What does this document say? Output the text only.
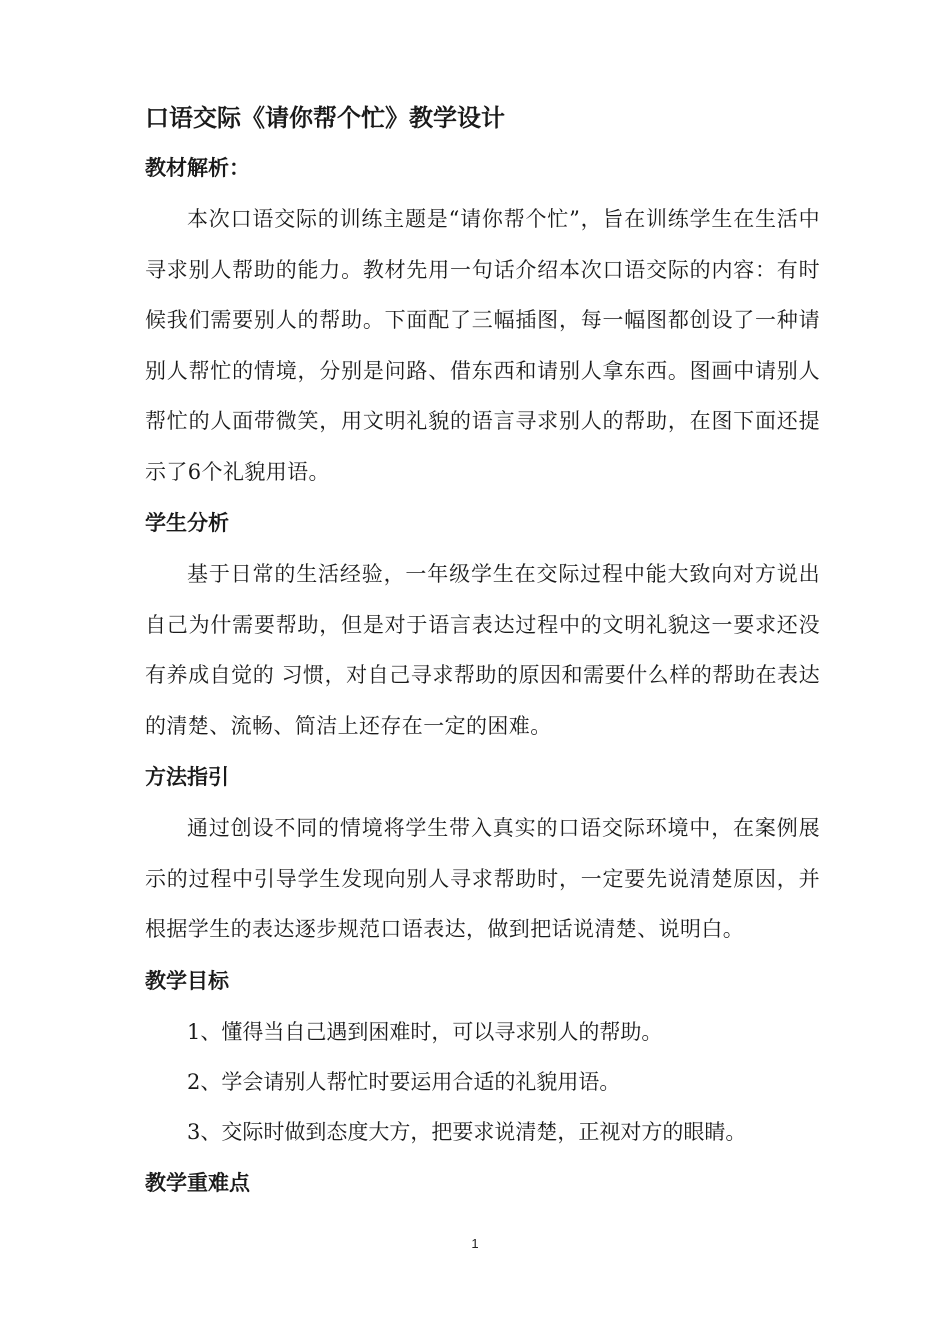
口语交际《请你帮个忙》教学设计
教材解析：

本次口语交际的训练主题是“请你帮个忙”，旨在训练学生在生活中寻求别人帮助的能力。教材先用一句话介绍本次口语交际的内容：有时候我们需要别人的帮助。下面配了三幅插图，每一幅图都创设了一种请别人帮忙的情境，分别是问路、借东西和请别人拿东西。图画中请别人帮忙的人面带微笑，用文明礼貌的语言寻求别人的帮助，在图下面还提示了6个礼貌用语。

学生分析

基于日常的生活经验，一年级学生在交际过程中能大致向对方说出自己为什需要帮助，但是对于语言表达过程中的文明礼貌这一要求还没有养成自觉的 习惯，对自己寻求帮助的原因和需要什么样的帮助在表达的清楚、流畅、简洁上还存在一定的困难。

方法指引

通过创设不同的情境将学生带入真实的口语交际环境中，在案例展示的过程中引导学生发现向别人寻求帮助时，一定要先说清楚原因，并根据学生的表达逐步规范口语表达，做到把话说清楚、说明白。

教学目标

1、懂得当自己遇到困难时，可以寻求别人的帮助。

2、学会请别人帮忙时要运用合适的礼貌用语。

3、交际时做到态度大方，把要求说清楚，正视对方的眼睛。

教学重难点
1
